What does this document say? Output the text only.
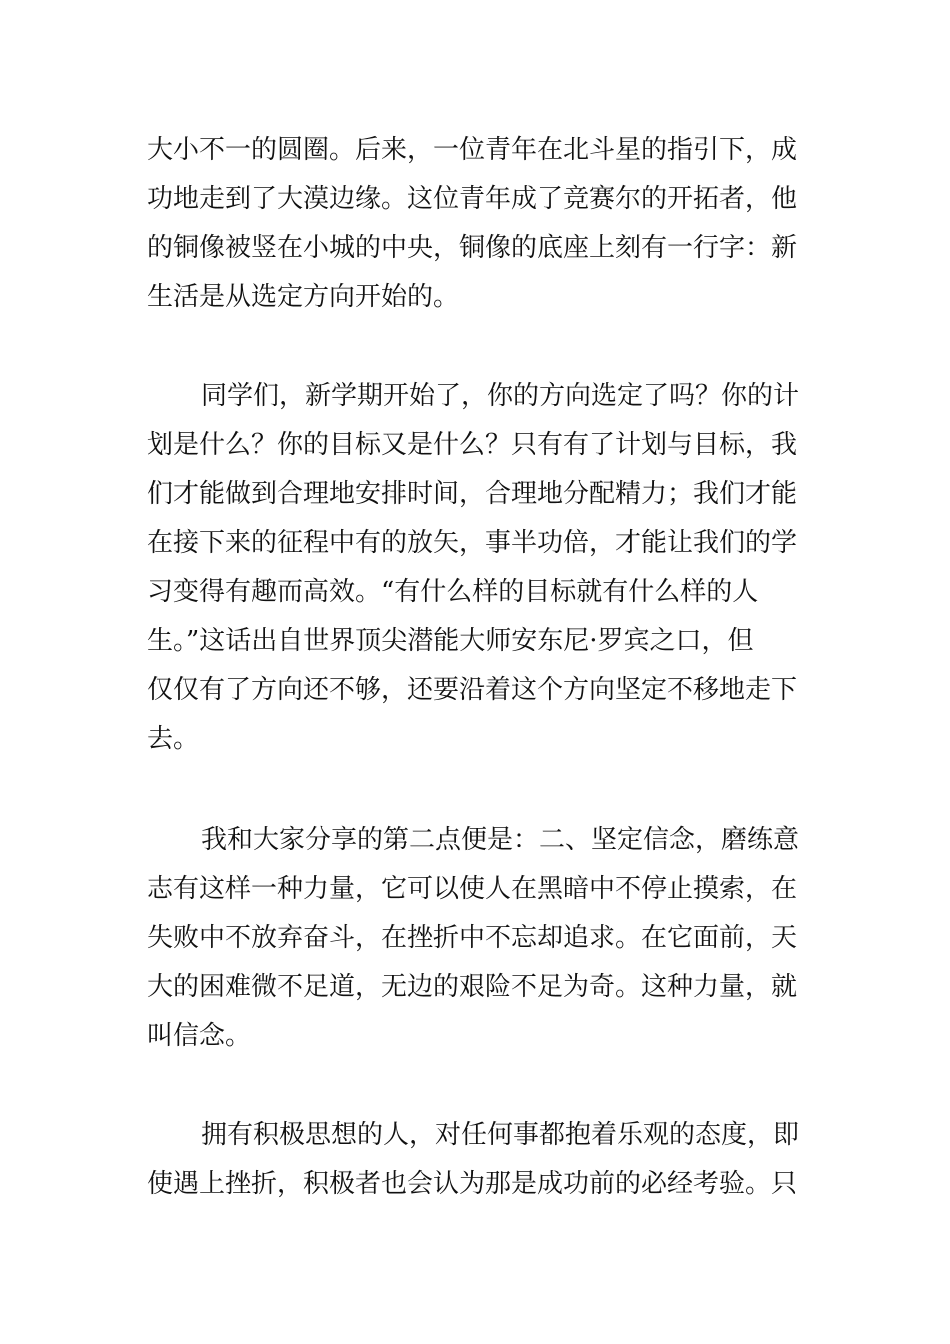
大小不一的圆圈。后来，一位青年在北斗星的指引下，成
功地走到了大漠边缘。这位青年成了竞赛尔的开拓者，他
的铜像被竖在小城的中央，铜像的底座上刻有一行字：新
生活是从选定方向开始的。
同学们，新学期开始了，你的方向选定了吗？你的计
划是什么？你的目标又是什么？只有有了计划与目标，我
们才能做到合理地安排时间，合理地分配精力；我们才能
在接下来的征程中有的放矢，事半功倍，才能让我们的学
习变得有趣而高效。“有什么样的目标就有什么样的人
生。”这话出自世界顶尖潜能大师安东尼·罗宾之口，但
仅仅有了方向还不够，还要沿着这个方向坚定不移地走下
去。
我和大家分享的第二点便是：二、坚定信念，磨练意
志有这样一种力量，它可以使人在黑暗中不停止摸索，在
失败中不放弃奋斗，在挫折中不忘却追求。在它面前，天
大的困难微不足道，无边的艰险不足为奇。这种力量，就
叫信念。
拥有积极思想的人，对任何事都抱着乐观的态度，即
使遇上挫折，积极者也会认为那是成功前的必经考验。只
